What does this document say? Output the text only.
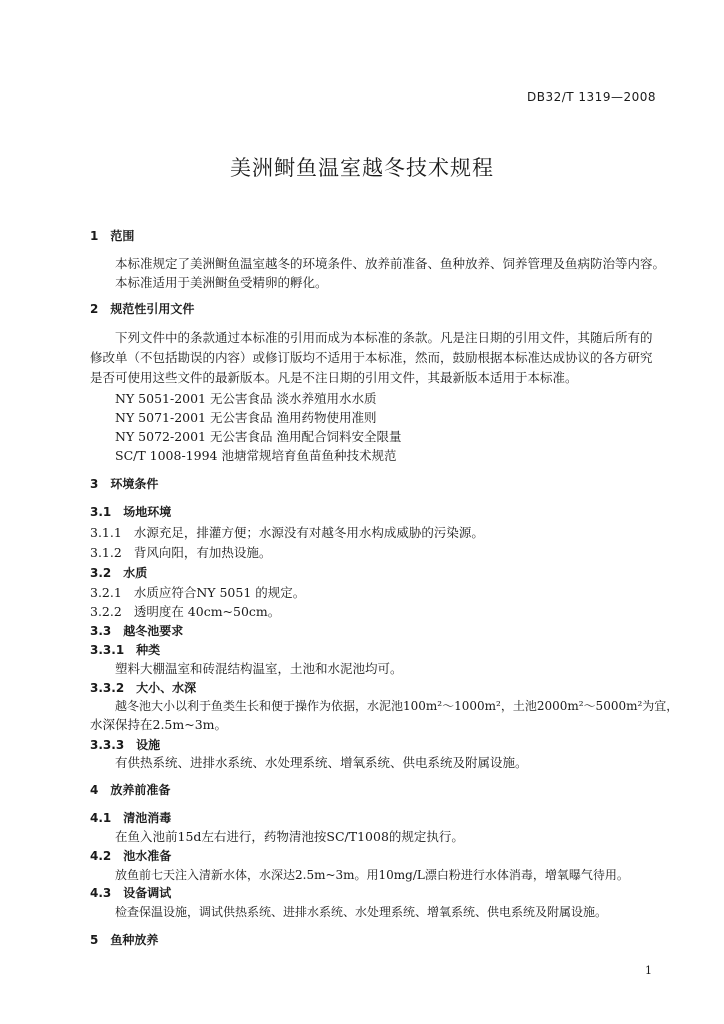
DB32/T 1319—2008
美洲鲥鱼温室越冬技术规程
1 范围
本标准规定了美洲鲥鱼温室越冬的环境条件、放养前准备、鱼种放养、饲养管理及鱼病防治等内容。
本标准适用于美洲鲥鱼受精卵的孵化。
2 规范性引用文件
下列文件中的条款通过本标准的引用而成为本标准的条款。凡是注日期的引用文件，其随后所有的
修改单（不包括勘误的内容）或修订版均不适用于本标准，然而，鼓励根据本标准达成协议的各方研究
是否可使用这些文件的最新版本。凡是不注日期的引用文件，其最新版本适用于本标准。
NY 5051-2001 无公害食品 淡水养殖用水水质
NY 5071-2001 无公害食品 渔用药物使用准则
NY 5072-2001 无公害食品 渔用配合饲料安全限量
SC/T 1008-1994 池塘常规培育鱼苗鱼种技术规范
3 环境条件
3.1 场地环境
3.1.1 水源充足，排灌方便；水源没有对越冬用水构成威胁的污染源。
3.1.2 背风向阳，有加热设施。
3.2 水质
3.2.1 水质应符合NY 5051 的规定。
3.2.2 透明度在 40cm~50cm。
3.3 越冬池要求
3.3.1 种类
塑料大棚温室和砖混结构温室，土池和水泥池均可。
3.3.2 大小、水深
越冬池大小以利于鱼类生长和便于操作为依据，水泥池100m²～1000m²，土池2000m²～5000m²为宜，
水深保持在2.5m~3m。
3.3.3 设施
有供热系统、进排水系统、水处理系统、增氧系统、供电系统及附属设施。
4 放养前准备
4.1 清池消毒
在鱼入池前15d左右进行，药物清池按SC/T1008的规定执行。
4.2 池水准备
放鱼前七天注入清新水体，水深达2.5m~3m。用10mg/L漂白粉进行水体消毒，增氧曝气待用。
4.3 设备调试
检查保温设施，调试供热系统、进排水系统、水处理系统、增氧系统、供电系统及附属设施。
5 鱼种放养
1
